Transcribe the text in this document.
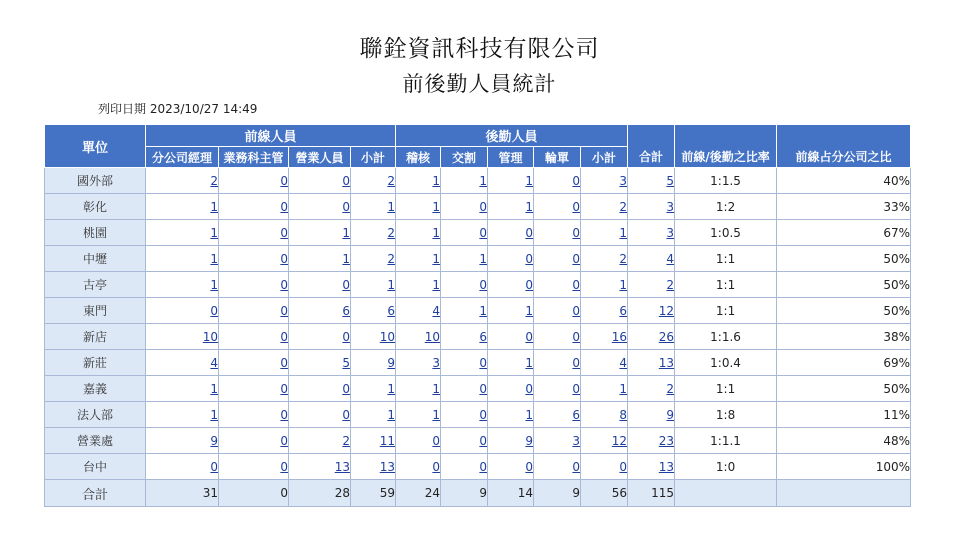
聯銓資訊科技有限公司
前後勤人員統計
列印日期 2023/10/27 14:49
單位	前線人員				後勤人員					合計	前線/後勤之比率	前線占分公司之比
	分公司經理	業務科主管	營業人員	小計	稽核	交割	管理	輪單	小計			
國外部	2	0	0	2	1	1	1	0	3	5	1:1.5	40%
彰化	1	0	0	1	1	0	1	0	2	3	1:2	33%
桃園	1	0	1	2	1	0	0	0	1	3	1:0.5	67%
中壢	1	0	1	2	1	1	0	0	2	4	1:1	50%
古亭	1	0	0	1	1	0	0	0	1	2	1:1	50%
東門	0	0	6	6	4	1	1	0	6	12	1:1	50%
新店	10	0	0	10	10	6	0	0	16	26	1:1.6	38%
新莊	4	0	5	9	3	0	1	0	4	13	1:0.4	69%
嘉義	1	0	0	1	1	0	0	0	1	2	1:1	50%
法人部	1	0	0	1	1	0	1	6	8	9	1:8	11%
營業處	9	0	2	11	0	0	9	3	12	23	1:1.1	48%
台中	0	0	13	13	0	0	0	0	0	13	1:0	100%
合計	31	0	28	59	24	9	14	9	56	115		
